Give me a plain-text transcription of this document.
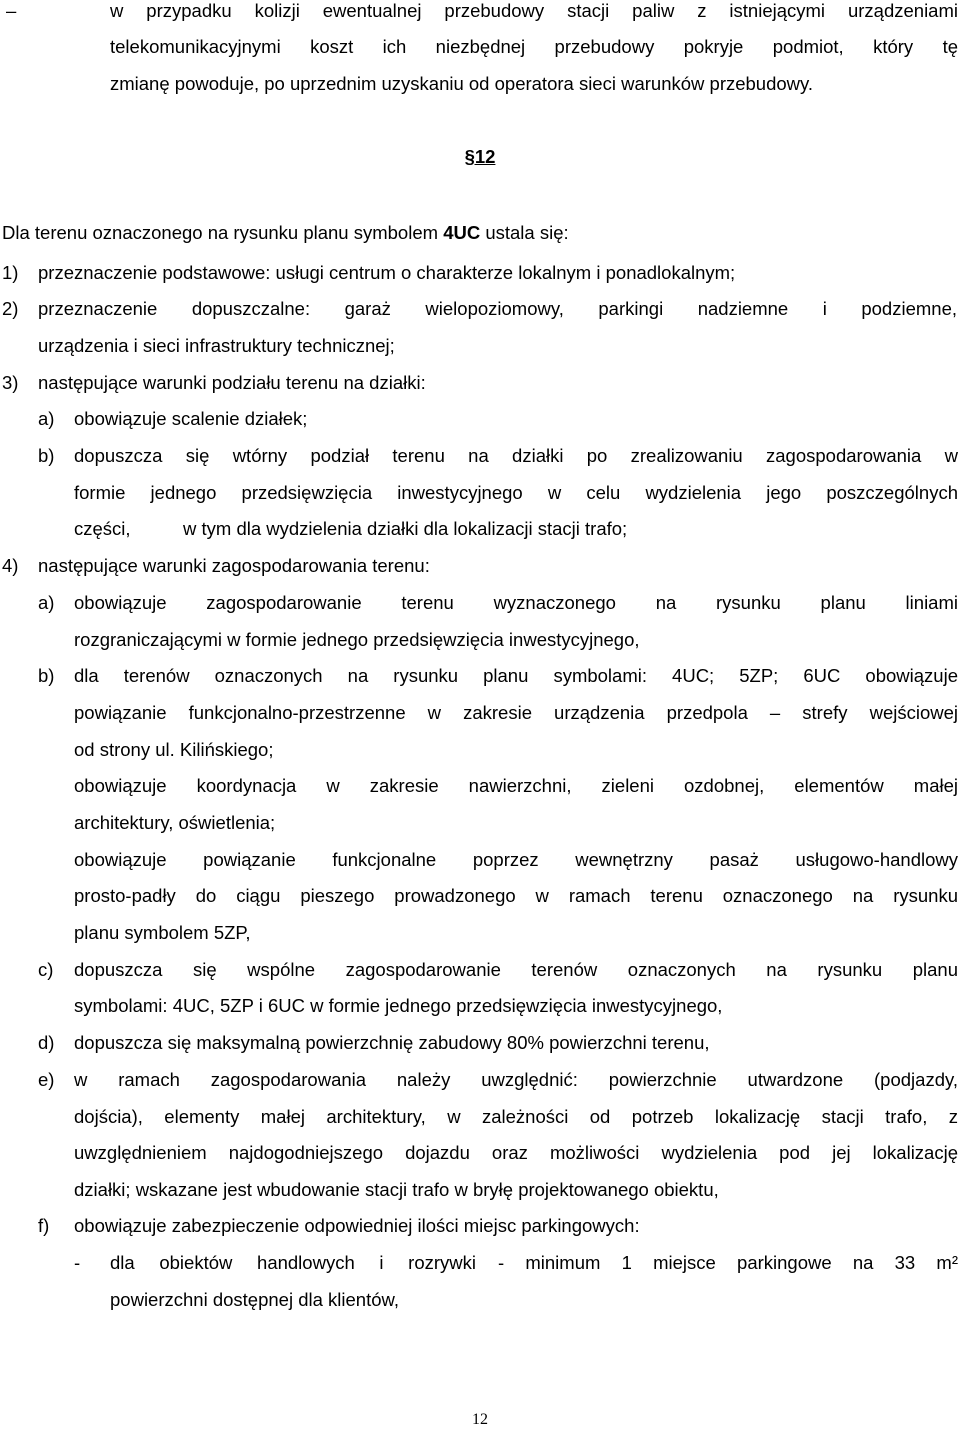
–	w przypadku kolizji ewentualnej przebudowy stacji paliw z istniejącymi urządzeniami
telekomunikacyjnymi koszt ich niezbędnej przebudowy pokryje podmiot, który tę
zmianę powoduje, po uprzednim uzyskaniu od operatora sieci warunków przebudowy.
§12
Dla terenu oznaczonego na rysunku planu symbolem 4UC ustala się:
1) przeznaczenie podstawowe: usługi centrum o charakterze lokalnym i ponadlokalnym;
2) przeznaczenie dopuszczalne: garaż wielopoziomowy, parkingi nadziemne i podziemne,
urządzenia i sieci infrastruktury technicznej;
3) następujące warunki podziału terenu na działki:
a) obowiązuje scalenie działek;
b) dopuszcza się wtórny podział terenu na działki po zrealizowaniu zagospodarowania w
formie jednego przedsięwzięcia inwestycyjnego w celu wydzielenia jego poszczególnych
części,	w tym dla wydzielenia działki dla lokalizacji stacji trafo;
4) następujące warunki zagospodarowania terenu:
a) obowiązuje zagospodarowanie terenu wyznaczonego na rysunku planu liniami
rozgraniczającymi w formie jednego przedsięwzięcia inwestycyjnego,
b) dla terenów oznaczonych na rysunku planu symbolami: 4UC; 5ZP; 6UC obowiązuje
powiązanie funkcjonalno-przestrzenne w zakresie urządzenia przedpola – strefy wejściowej
od strony ul. Kilińskiego;
obowiązuje koordynacja w zakresie nawierzchni, zieleni ozdobnej, elementów małej
architektury, oświetlenia;
obowiązuje powiązanie funkcjonalne poprzez wewnętrzny pasaż usługowo-handlowy
prosto-padły do ciągu pieszego prowadzonego w ramach terenu oznaczonego na rysunku
planu symbolem 5ZP,
c) dopuszcza się wspólne zagospodarowanie terenów oznaczonych na rysunku planu
symbolami: 4UC, 5ZP i 6UC w formie jednego przedsięwzięcia inwestycyjnego,
d) dopuszcza się maksymalną powierzchnię zabudowy 80% powierzchni terenu,
e) w ramach zagospodarowania należy uwzględnić: powierzchnie utwardzone (podjazdy,
dojścia), elementy małej architektury, w zależności od potrzeb lokalizację stacji trafo, z
uwzględnieniem najdogodniejszego dojazdu oraz możliwości wydzielenia pod jej lokalizację
działki; wskazane jest wbudowanie stacji trafo w bryłę projektowanego obiektu,
f) obowiązuje zabezpieczenie odpowiedniej ilości miejsc parkingowych:
- dla obiektów handlowych i rozrywki - minimum 1 miejsce parkingowe na 33 m²
powierzchni dostępnej dla klientów,
12
